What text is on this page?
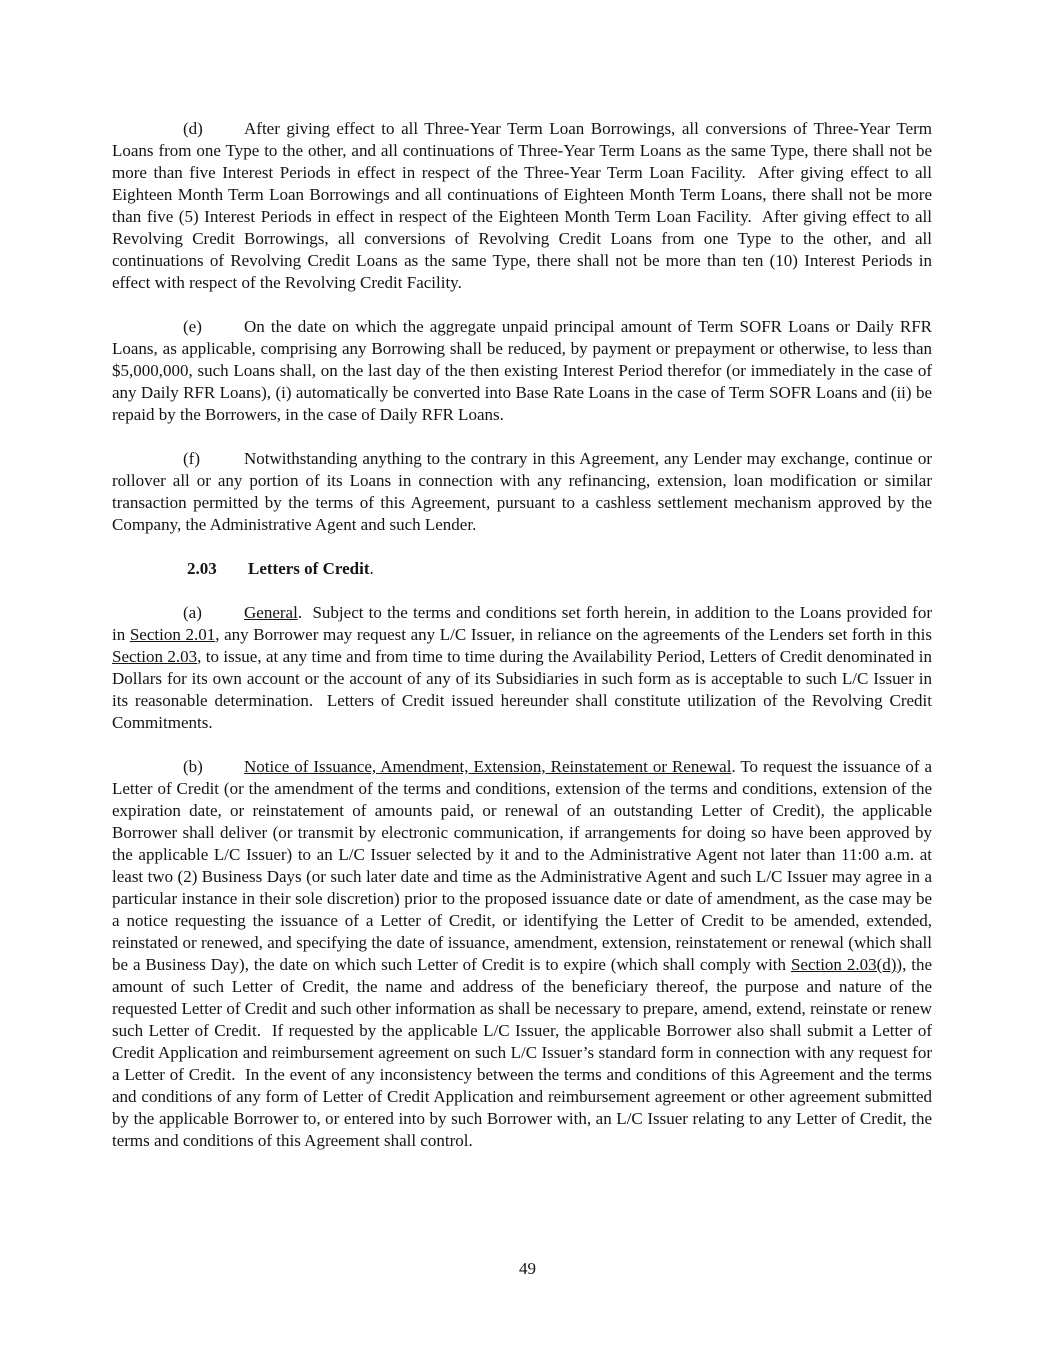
(d) After giving effect to all Three-Year Term Loan Borrowings, all conversions of Three-Year Term Loans from one Type to the other, and all continuations of Three-Year Term Loans as the same Type, there shall not be more than five Interest Periods in effect in respect of the Three-Year Term Loan Facility.  After giving effect to all Eighteen Month Term Loan Borrowings and all continuations of Eighteen Month Term Loans, there shall not be more than five (5) Interest Periods in effect in respect of the Eighteen Month Term Loan Facility.  After giving effect to all Revolving Credit Borrowings, all conversions of Revolving Credit Loans from one Type to the other, and all continuations of Revolving Credit Loans as the same Type, there shall not be more than ten (10) Interest Periods in effect with respect of the Revolving Credit Facility.

(e) On the date on which the aggregate unpaid principal amount of Term SOFR Loans or Daily RFR Loans, as applicable, comprising any Borrowing shall be reduced, by payment or prepayment or otherwise, to less than $5,000,000, such Loans shall, on the last day of the then existing Interest Period therefor (or immediately in the case of any Daily RFR Loans), (i) automatically be converted into Base Rate Loans in the case of Term SOFR Loans and (ii) be repaid by the Borrowers, in the case of Daily RFR Loans.

(f)	Notwithstanding anything to the contrary in this Agreement, any Lender may exchange, continue or rollover all or any portion of its Loans in connection with any refinancing, extension, loan modification or similar transaction permitted by the terms of this Agreement, pursuant to a cashless settlement mechanism approved by the Company, the Administrative Agent and such Lender.

2.03 Letters of Credit.

(a) General.  Subject to the terms and conditions set forth herein, in addition to the Loans provided for in Section 2.01, any Borrower may request any L/C Issuer, in reliance on the agreements of the Lenders set forth in this Section 2.03, to issue, at any time and from time to time during the Availability Period, Letters of Credit denominated in Dollars for its own account or the account of any of its Subsidiaries in such form as is acceptable to such L/C Issuer in its reasonable determination.  Letters of Credit issued hereunder shall constitute utilization of the Revolving Credit Commitments.

(b) Notice of Issuance, Amendment, Extension, Reinstatement or Renewal. To request the issuance of a Letter of Credit (or the amendment of the terms and conditions, extension of the terms and conditions, extension of the expiration date, or reinstatement of amounts paid, or renewal of an outstanding Letter of Credit), the applicable Borrower shall deliver (or transmit by electronic communication, if arrangements for doing so have been approved by the applicable L/C Issuer) to an L/C Issuer selected by it and to the Administrative Agent not later than 11:00 a.m. at least two (2) Business Days (or such later date and time as the Administrative Agent and such L/C Issuer may agree in a particular instance in their sole discretion) prior to the proposed issuance date or date of amendment, as the case may be a notice requesting the issuance of a Letter of Credit, or identifying the Letter of Credit to be amended, extended, reinstated or renewed, and specifying the date of issuance, amendment, extension, reinstatement or renewal (which shall be a Business Day), the date on which such Letter of Credit is to expire (which shall comply with Section 2.03(d)), the amount of such Letter of Credit, the name and address of the beneficiary thereof, the purpose and nature of the requested Letter of Credit and such other information as shall be necessary to prepare, amend, extend, reinstate or renew such Letter of Credit.  If requested by the applicable L/C Issuer, the applicable Borrower also shall submit a Letter of Credit Application and reimbursement agreement on such L/C Issuer’s standard form in connection with any request for a Letter of Credit.  In the event of any inconsistency between the terms and conditions of this Agreement and the terms and conditions of any form of Letter of Credit Application and reimbursement agreement or other agreement submitted by the applicable Borrower to, or entered into by such Borrower with, an L/C Issuer relating to any Letter of Credit, the terms and conditions of this Agreement shall control.

49
